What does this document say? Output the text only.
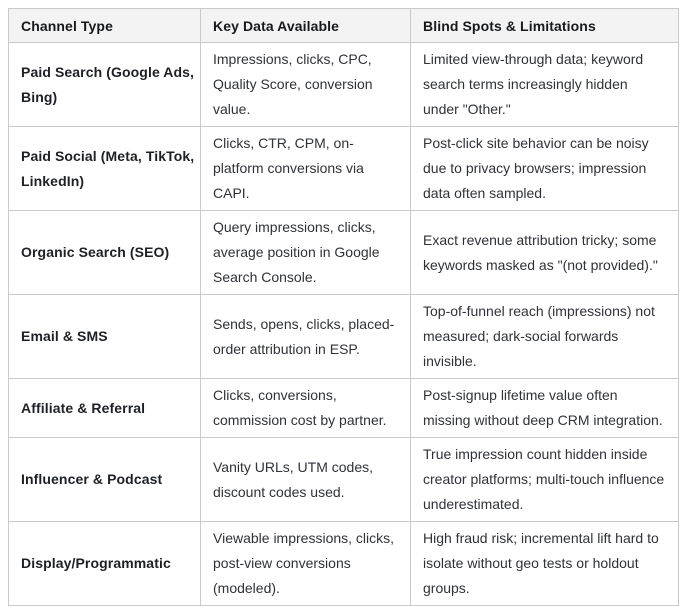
Channel Type	Key Data Available	Blind Spots & Limitations
Paid Search (Google Ads, Bing)	Impressions, clicks, CPC, Quality Score, conversion value.	Limited view-through data; keyword search terms increasingly hidden under "Other."
Paid Social (Meta, TikTok, LinkedIn)	Clicks, CTR, CPM, on-platform conversions via CAPI.	Post-click site behavior can be noisy due to privacy browsers; impression data often sampled.
Organic Search (SEO)	Query impressions, clicks, average position in Google Search Console.	Exact revenue attribution tricky; some keywords masked as "(not provided)."
Email & SMS	Sends, opens, clicks, placed-order attribution in ESP.	Top-of-funnel reach (impressions) not measured; dark-social forwards invisible.
Affiliate & Referral	Clicks, conversions, commission cost by partner.	Post-signup lifetime value often missing without deep CRM integration.
Influencer & Podcast	Vanity URLs, UTM codes, discount codes used.	True impression count hidden inside creator platforms; multi-touch influence underestimated.
Display/Programmatic	Viewable impressions, clicks, post-view conversions (modeled).	High fraud risk; incremental lift hard to isolate without geo tests or holdout groups.
